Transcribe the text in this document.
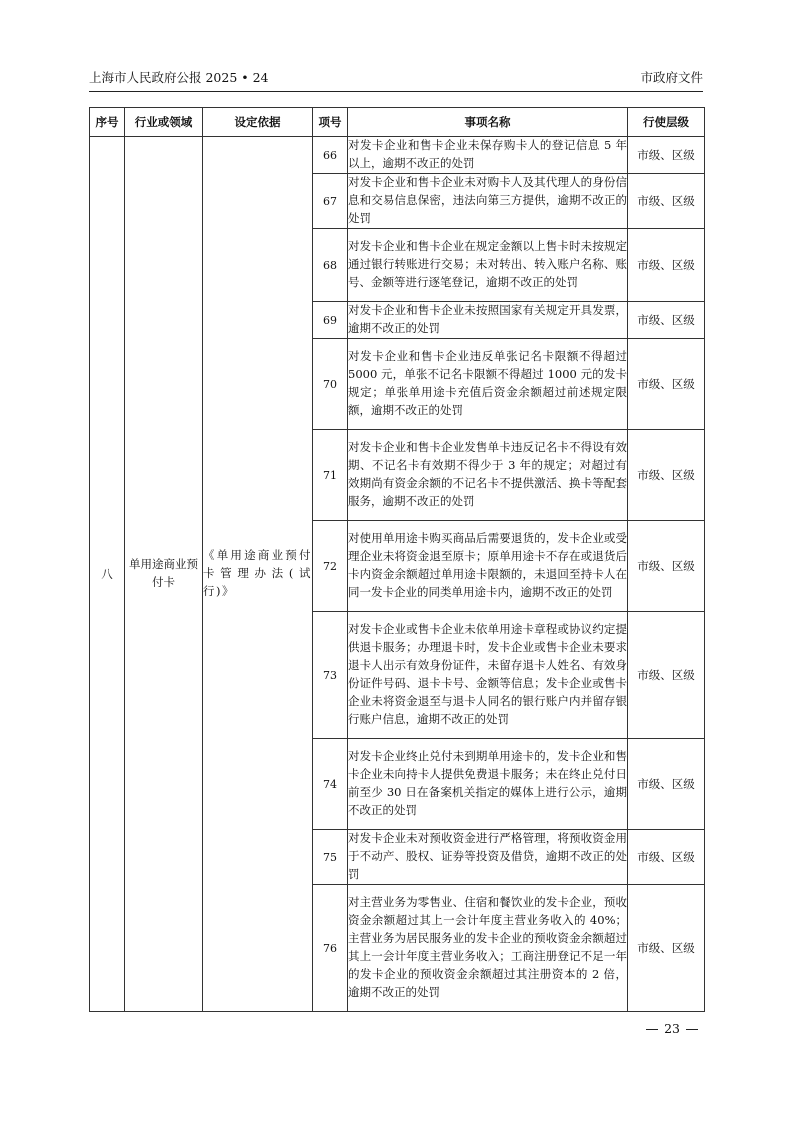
上海市人民政府公报 2025 • 24	市政府文件
序号	行业或领域	设定依据	项号	事项名称	行使层级
八	单用途商业预付卡	《单用途商业预付卡管理办法(试行)》	66	对发卡企业和售卡企业未保存购卡人的登记信息 5 年以上，逾期不改正的处罚	市级、区级
			67	对发卡企业和售卡企业未对购卡人及其代理人的身份信息和交易信息保密，违法向第三方提供，逾期不改正的处罚	市级、区级
			68	对发卡企业和售卡企业在规定金额以上售卡时未按规定通过银行转账进行交易；未对转出、转入账户名称、账号、金额等进行逐笔登记，逾期不改正的处罚	市级、区级
			69	对发卡企业和售卡企业未按照国家有关规定开具发票，逾期不改正的处罚	市级、区级
			70	对发卡企业和售卡企业违反单张记名卡限额不得超过 5000 元，单张不记名卡限额不得超过 1000 元的发卡规定；单张单用途卡充值后资金余额超过前述规定限额，逾期不改正的处罚	市级、区级
			71	对发卡企业和售卡企业发售单卡违反记名卡不得设有效期、不记名卡有效期不得少于 3 年的规定；对超过有效期尚有资金余额的不记名卡不提供激活、换卡等配套服务，逾期不改正的处罚	市级、区级
			72	对使用单用途卡购买商品后需要退货的，发卡企业或受理企业未将资金退至原卡；原单用途卡不存在或退货后卡内资金余额超过单用途卡限额的，未退回至持卡人在同一发卡企业的同类单用途卡内，逾期不改正的处罚	市级、区级
			73	对发卡企业或售卡企业未依单用途卡章程或协议约定提供退卡服务；办理退卡时，发卡企业或售卡企业未要求退卡人出示有效身份证件，未留存退卡人姓名、有效身份证件号码、退卡卡号、金额等信息；发卡企业或售卡企业未将资金退至与退卡人同名的银行账户内并留存银行账户信息，逾期不改正的处罚	市级、区级
			74	对发卡企业终止兑付未到期单用途卡的，发卡企业和售卡企业未向持卡人提供免费退卡服务；未在终止兑付日前至少 30 日在备案机关指定的媒体上进行公示，逾期不改正的处罚	市级、区级
			75	对发卡企业未对预收资金进行严格管理，将预收资金用于不动产、股权、证券等投资及借贷，逾期不改正的处罚	市级、区级
			76	对主营业务为零售业、住宿和餐饮业的发卡企业，预收资金余额超过其上一会计年度主营业务收入的 40%；主营业务为居民服务业的发卡企业的预收资金余额超过其上一会计年度主营业务收入；工商注册登记不足一年的发卡企业的预收资金余额超过其注册资本的 2 倍，逾期不改正的处罚	市级、区级
23
